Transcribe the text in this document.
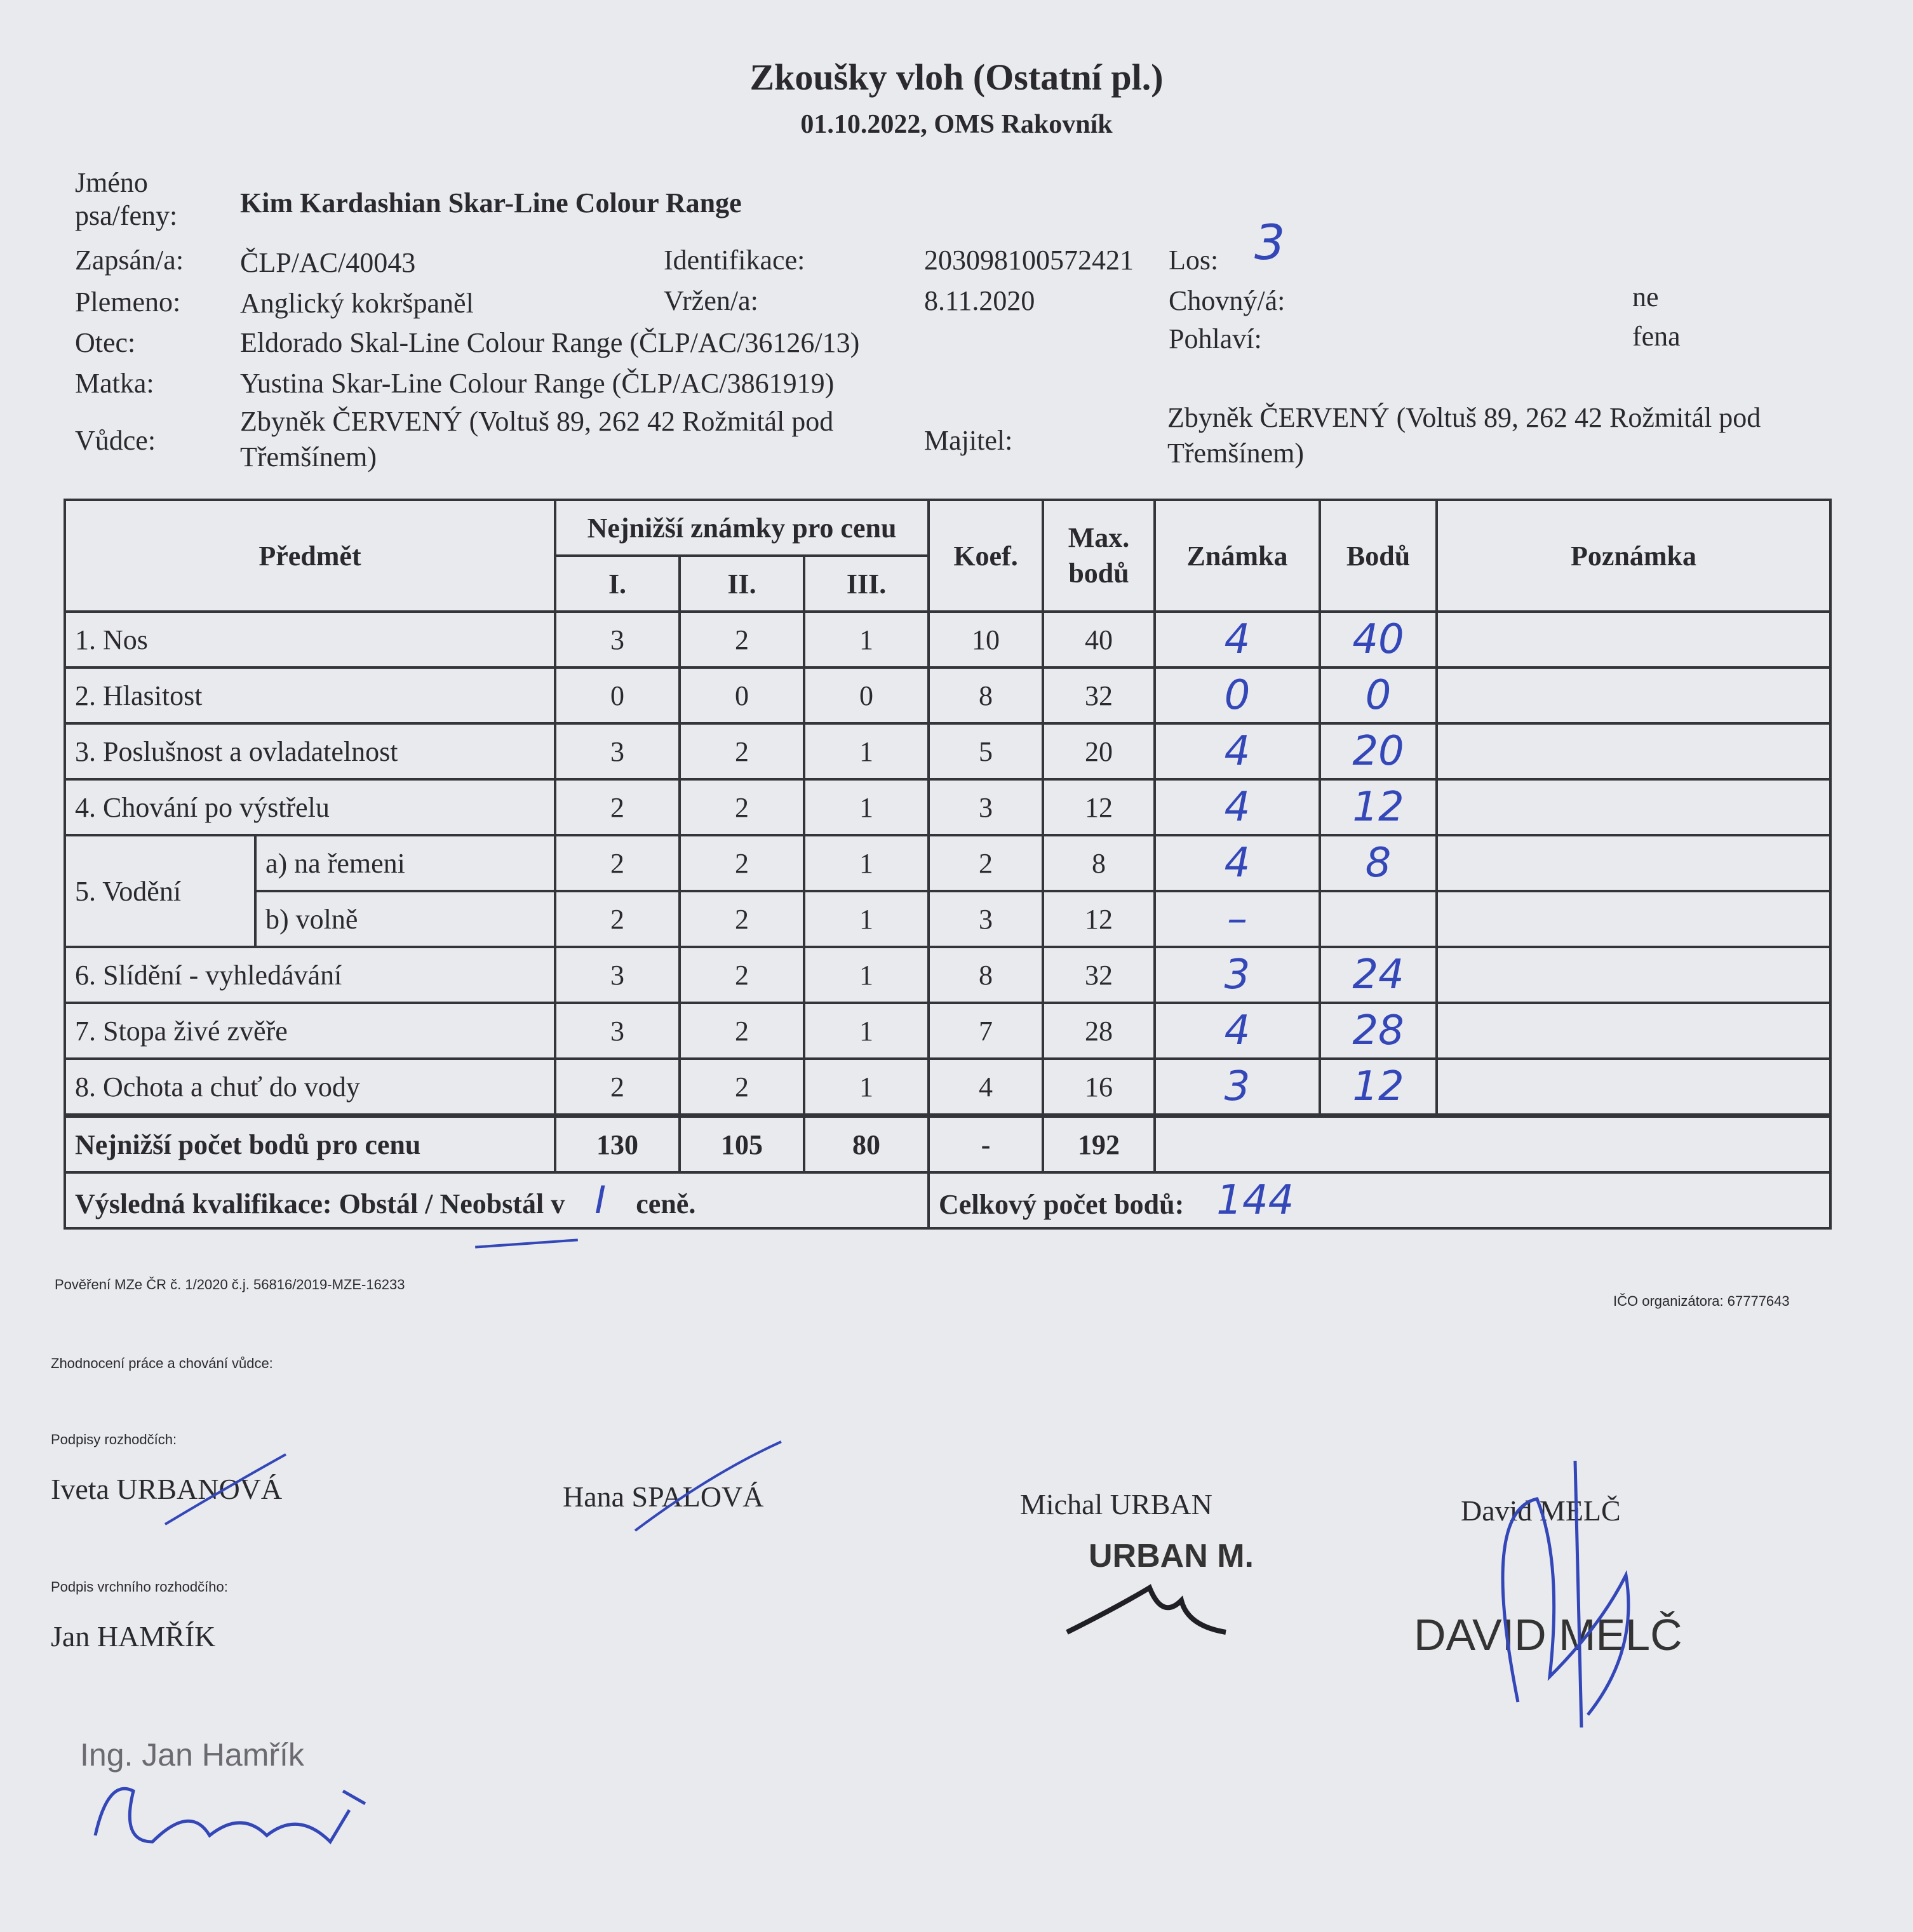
Zkoušky vloh (Ostatní pl.)
01.10.2022, OMS Rakovník
Jméno psa/feny:	Kim Kardashian Skar-Line Colour Range
Zapsán/a: ČLP/AC/40043	Identifikace:	203098100572421 Los: 3
Plemeno: Anglický kokršpaněl	Vržen/a:	8.11.2020	Chovný/á:	ne
Otec:	Eldorado Skal-Line Colour Range (ČLP/AC/36126/13)	Pohlaví:	fena
Matka:	Yustina Skar-Line Colour Range (ČLP/AC/3861919)
Vůdce:
Zbyněk ČERVENÝ (Voltuš 89, 262 42 Rožmitál pod Třemšínem)
Majitel:
Zbyněk ČERVENÝ (Voltuš 89, 262 42 Rožmitál pod Třemšínem)
Předmět		Nejnižší známky pro cenu			Koef.	Max. bodů	Známka	Bodů	Poznámka
		I.	II.	III.					
1. Nos		3	2	1	10	40	4	40	
2. Hlasitost		0	0	0	8	32	0	0	
3. Poslušnost a ovladatelnost		3	2	1	5	20	4	20	
4. Chování po výstřelu		2	2	1	3	12	4	12	
5. Vodění	a) na řemeni	2	2	1	2	8	4	8	
	b) volně	2	2	1	3	12	–		
6. Slídění - vyhledávání		3	2	1	8	32	3	24	
7. Stopa živé zvěře		3	2	1	7	28	4	28	
8. Ochota a chuť do vody		2	2	1	4	16	3	12	
Nejnižší počet bodů pro cenu		130	105	80	-	192			
Výsledná kvalifikace: Obstál / Neobstál v I ceně.					Celkový počet bodů: 144				
Pověření MZe ČR č. 1/2020 č.j. 56816/2019-MZE-16233
IČO organizátora: 67777643
Zhodnocení práce a chování vůdce:
Podpisy rozhodčích:
Podpis vrchního rozhodčího:
Iveta URBANOVÁ	Hana SPALOVÁ	Michal URBAN	David MELČ
Jan HAMŘÍK
URBAN M.
DAVID MELČ
Ing. Jan Hamřík
